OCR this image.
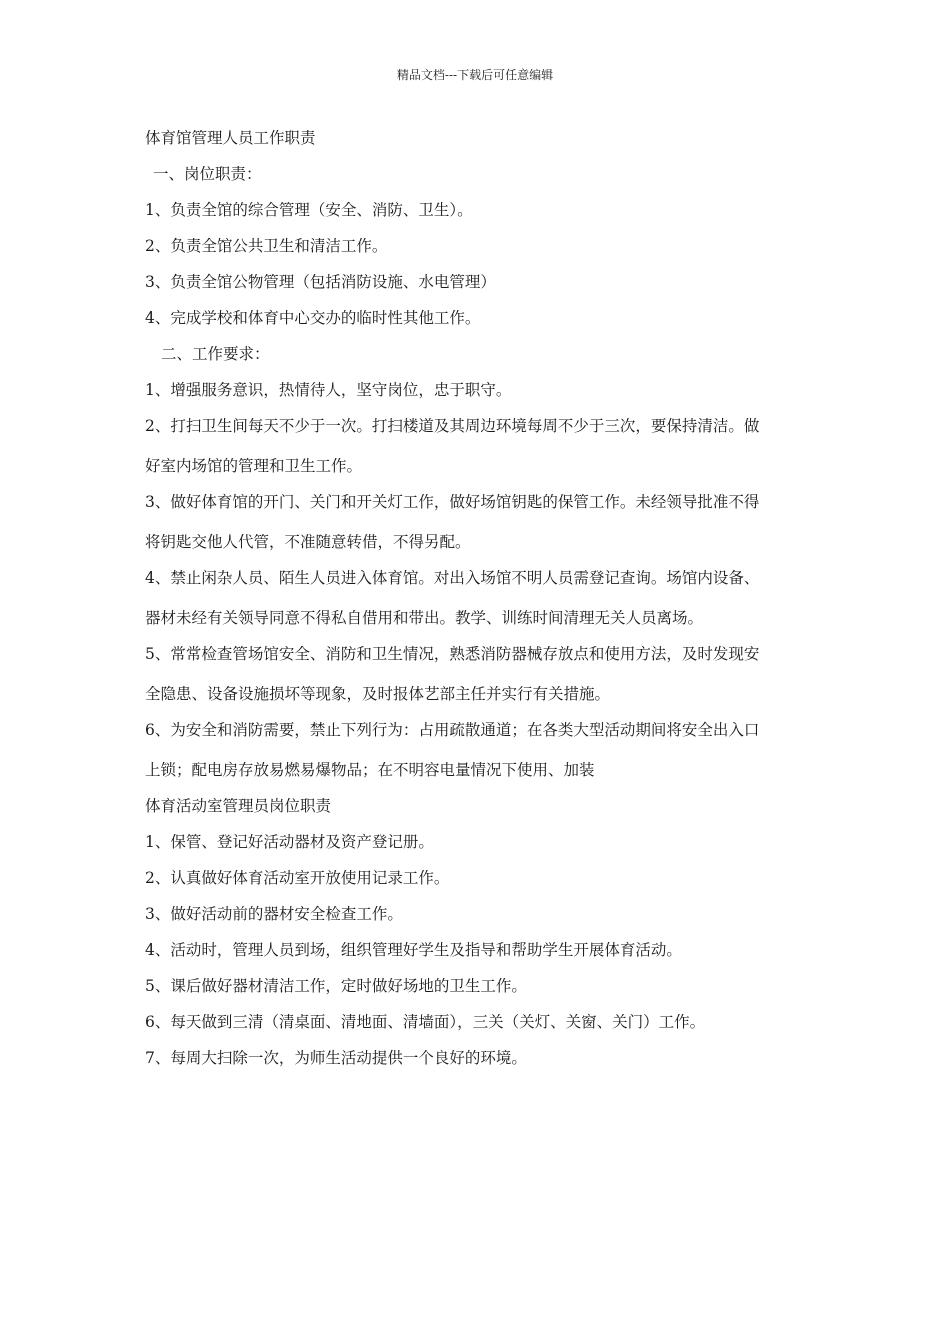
精品文档---下载后可任意编辑
体育馆管理人员工作职责
一、岗位职责：
1、负责全馆的综合管理（安全、消防、卫生）。
2、负责全馆公共卫生和清洁工作。
3、负责全馆公物管理（包括消防设施、水电管理）
4、完成学校和体育中心交办的临时性其他工作。
二、工作要求：
1、增强服务意识，热情待人，坚守岗位，忠于职守。
2、打扫卫生间每天不少于一次。打扫楼道及其周边环境每周不少于三次，要保持清洁。做
好室内场馆的管理和卫生工作。
3、做好体育馆的开门、关门和开关灯工作，做好场馆钥匙的保管工作。未经领导批准不得
将钥匙交他人代管，不准随意转借，不得另配。
4、禁止闲杂人员、陌生人员进入体育馆。对出入场馆不明人员需登记查询。场馆内设备、
器材未经有关领导同意不得私自借用和带出。教学、训练时间清理无关人员离场。
5、常常检查管场馆安全、消防和卫生情况，熟悉消防器械存放点和使用方法，及时发现安
全隐患、设备设施损坏等现象，及时报体艺部主任并实行有关措施。
6、为安全和消防需要，禁止下列行为：占用疏散通道；在各类大型活动期间将安全出入口
上锁；配电房存放易燃易爆物品；在不明容电量情况下使用、加装
体育活动室管理员岗位职责
1、保管、登记好活动器材及资产登记册。
2、认真做好体育活动室开放使用记录工作。
3、做好活动前的器材安全检查工作。
4、活动时，管理人员到场，组织管理好学生及指导和帮助学生开展体育活动。
5、课后做好器材清洁工作，定时做好场地的卫生工作。
6、每天做到三清（清桌面、清地面、清墙面），三关（关灯、关窗、关门）工作。
7、每周大扫除一次，为师生活动提供一个良好的环境。
